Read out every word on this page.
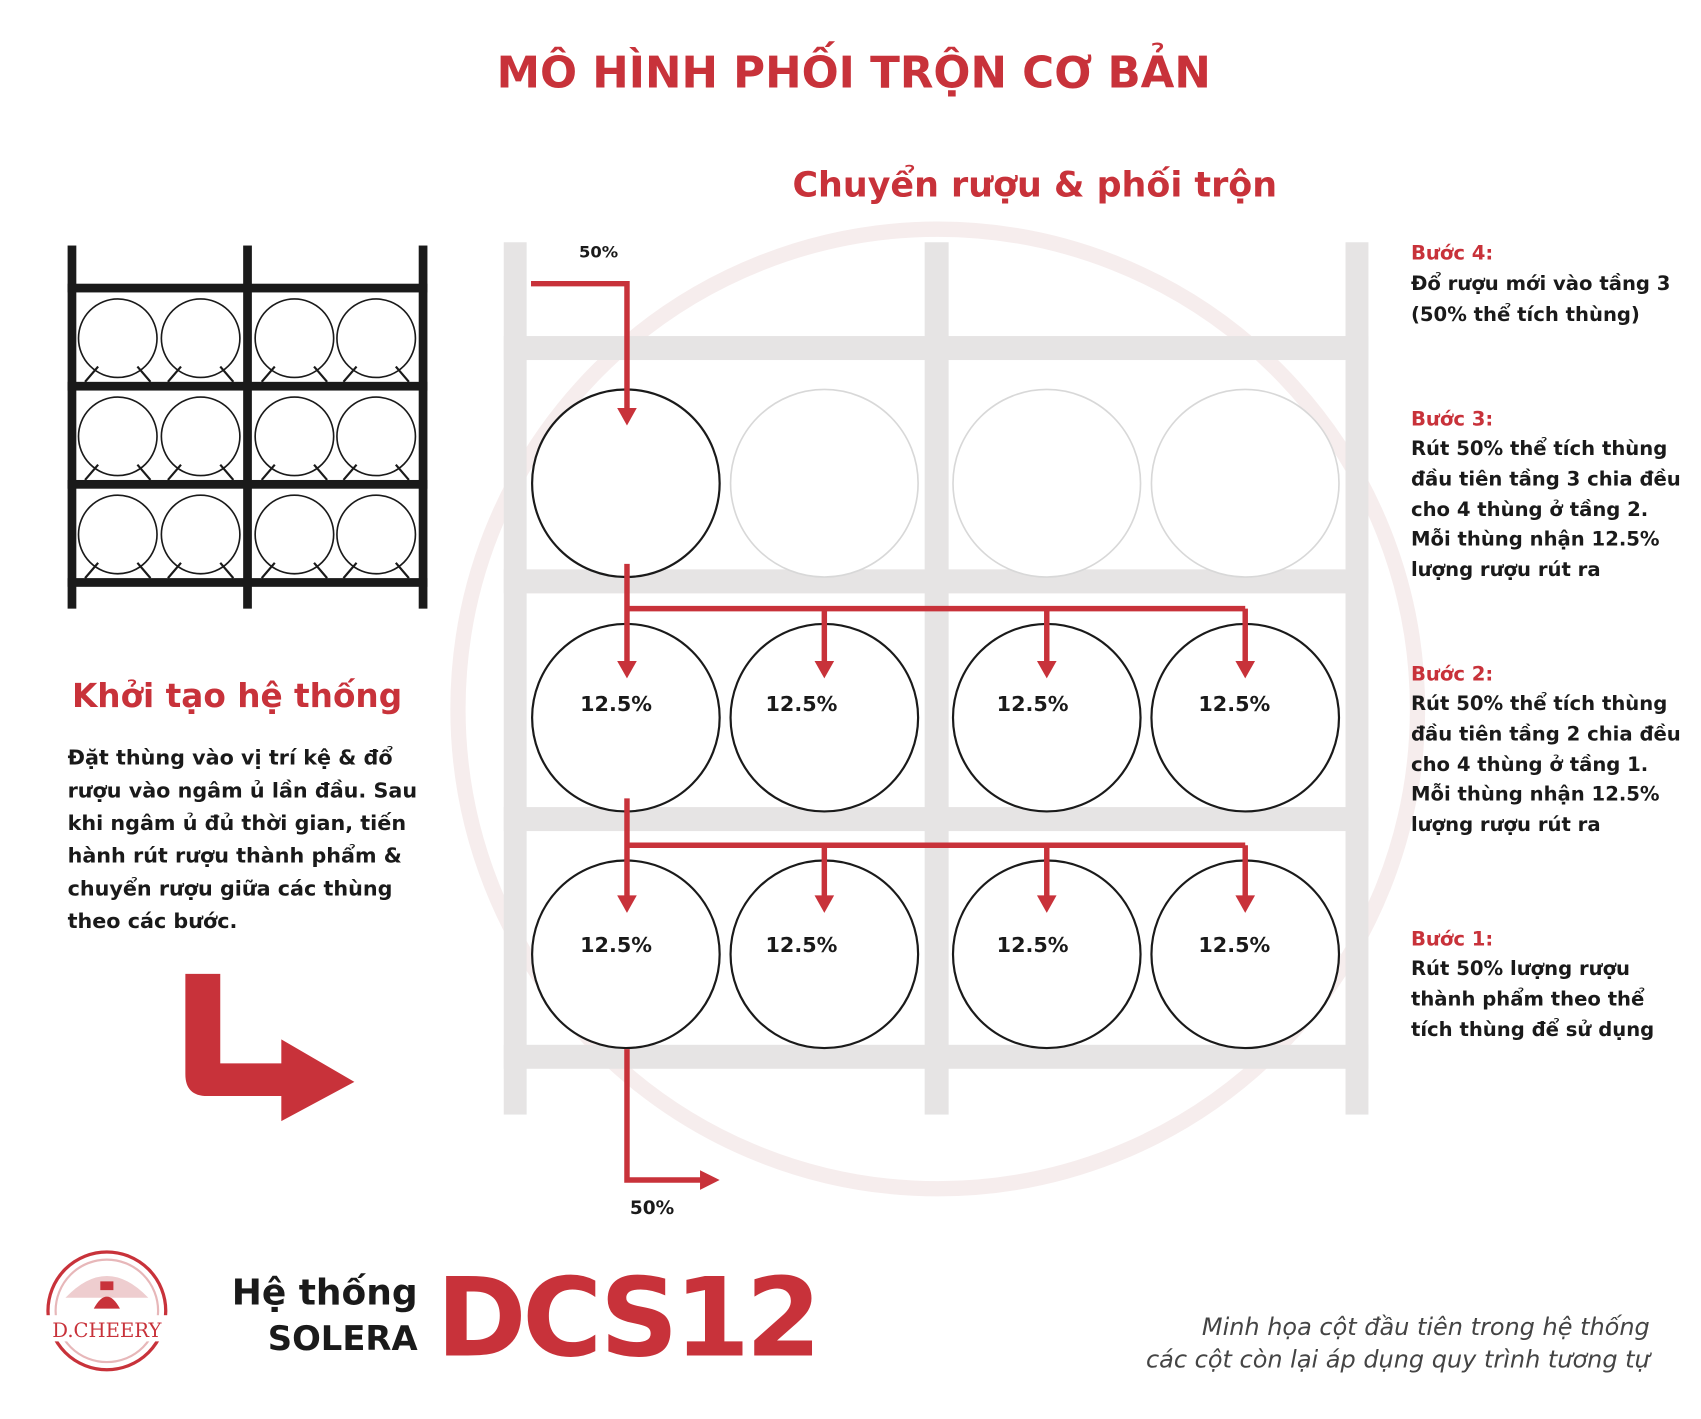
MÔ HÌNH PHỐI TRỘN CƠ BẢN
Chuyển rượu & phối trộn
Khởi tạo hệ thống
Đặt thùng vào vị trí kệ & đổ
rượu vào ngâm ủ lần đầu. Sau
khi ngâm ủ đủ thời gian, tiến
hành rút rượu thành phẩm &
chuyển rượu giữa các thùng
theo các bước.
50%
50%
12.5%	12.5%	12.5%	12.5%
12.5%	12.5%	12.5%	12.5%
Bước 4:
Đổ rượu mới vào tầng 3
(50% thể tích thùng)
Bước 3:
Rút 50% thể tích thùng
đầu tiên tầng 3 chia đều
cho 4 thùng ở tầng 2.
Mỗi thùng nhận 12.5%
lượng rượu rút ra
Bước 2:
Rút 50% thể tích thùng
đầu tiên tầng 2 chia đều
cho 4 thùng ở tầng 1.
Mỗi thùng nhận 12.5%
lượng rượu rút ra
Bước 1:
Rút 50% lượng rượu
thành phẩm theo thể
tích thùng để sử dụng
D.CHEERY
Hệ thống
SOLERA DCS12	Minh họa cột đầu tiên trong hệ thống
các cột còn lại áp dụng quy trình tương tự
